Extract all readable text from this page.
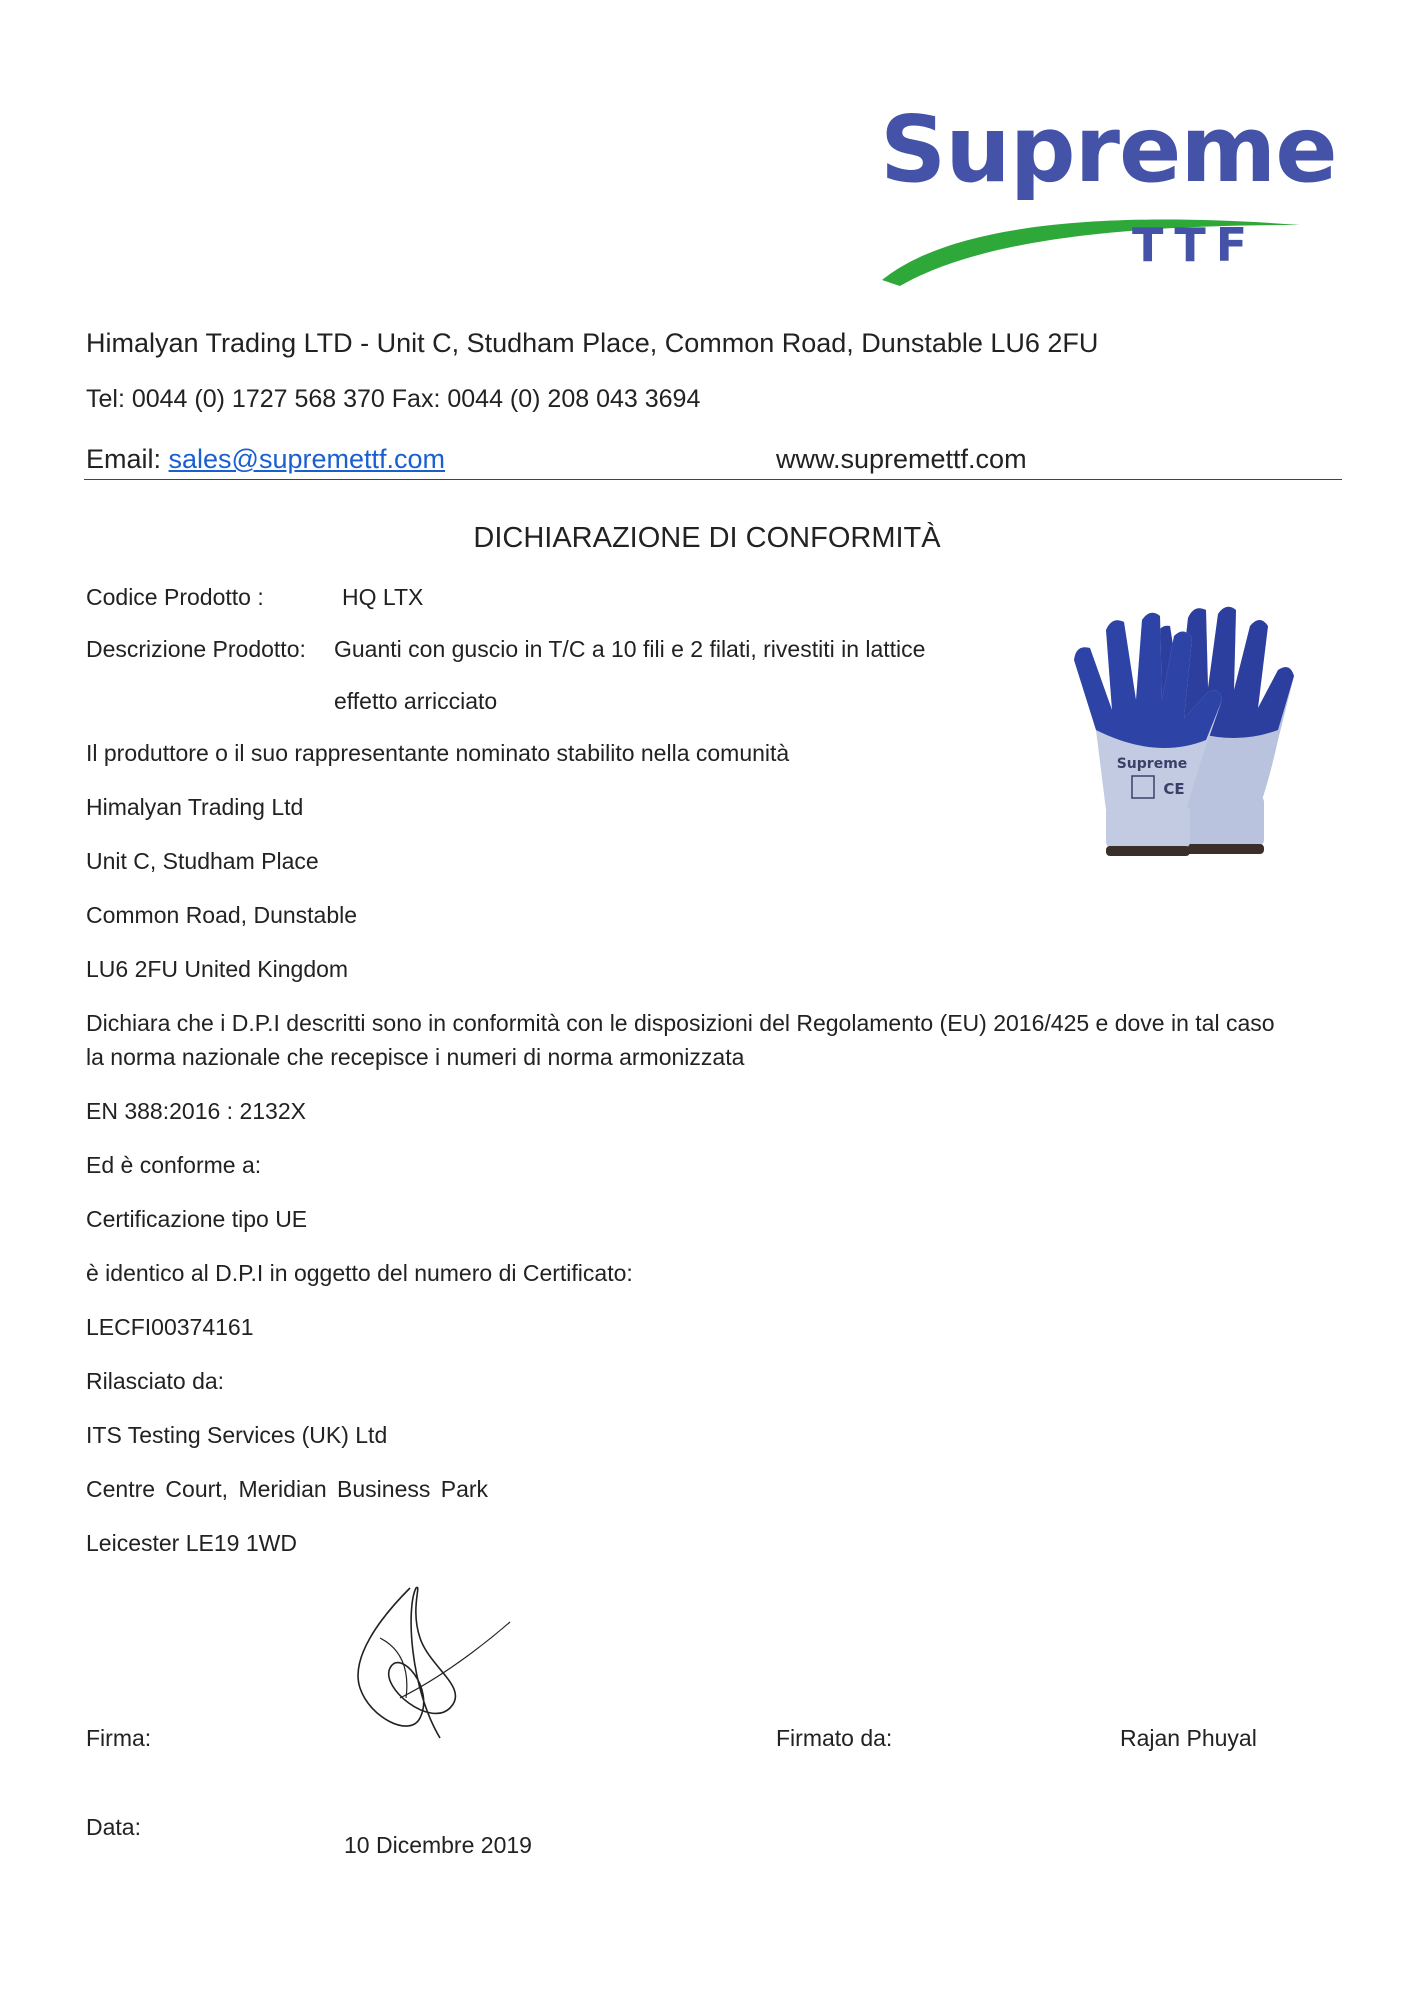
Supreme
TTF
Himalyan Trading LTD - Unit C, Studham Place, Common Road, Dunstable LU6 2FU
Tel: 0044 (0) 1727 568 370 Fax: 0044 (0) 208 043 3694
Email: sales@supremettf.com	www.supremettf.com
DICHIARAZIONE DI CONFORMITÀ
Codice Prodotto :	HQ LTX
Descrizione Prodotto: Guanti con guscio in T/C a 10 fili e 2 filati, rivestiti in lattice
effetto arricciato
Il produttore o il suo rappresentante nominato stabilito nella comunità
Himalyan Trading Ltd
Unit C, Studham Place
Common Road, Dunstable
LU6 2FU United Kingdom
Dichiara che i D.P.I descritti sono in conformità con le disposizioni del Regolamento (EU) 2016/425 e dove in tal caso
la norma nazionale che recepisce i numeri di norma armonizzata
EN 388:2016 : 2132X
Ed è conforme a:
Certificazione tipo UE
è identico al D.P.I in oggetto del numero di Certificato:
LECFI00374161
Rilasciato da:
ITS Testing Services (UK) Ltd
Centre Court, Meridian Business Park
Leicester LE19 1WD
Supreme
CE
Firma:	Firmato da:	Rajan Phuyal
Data:
10 Dicembre 2019
